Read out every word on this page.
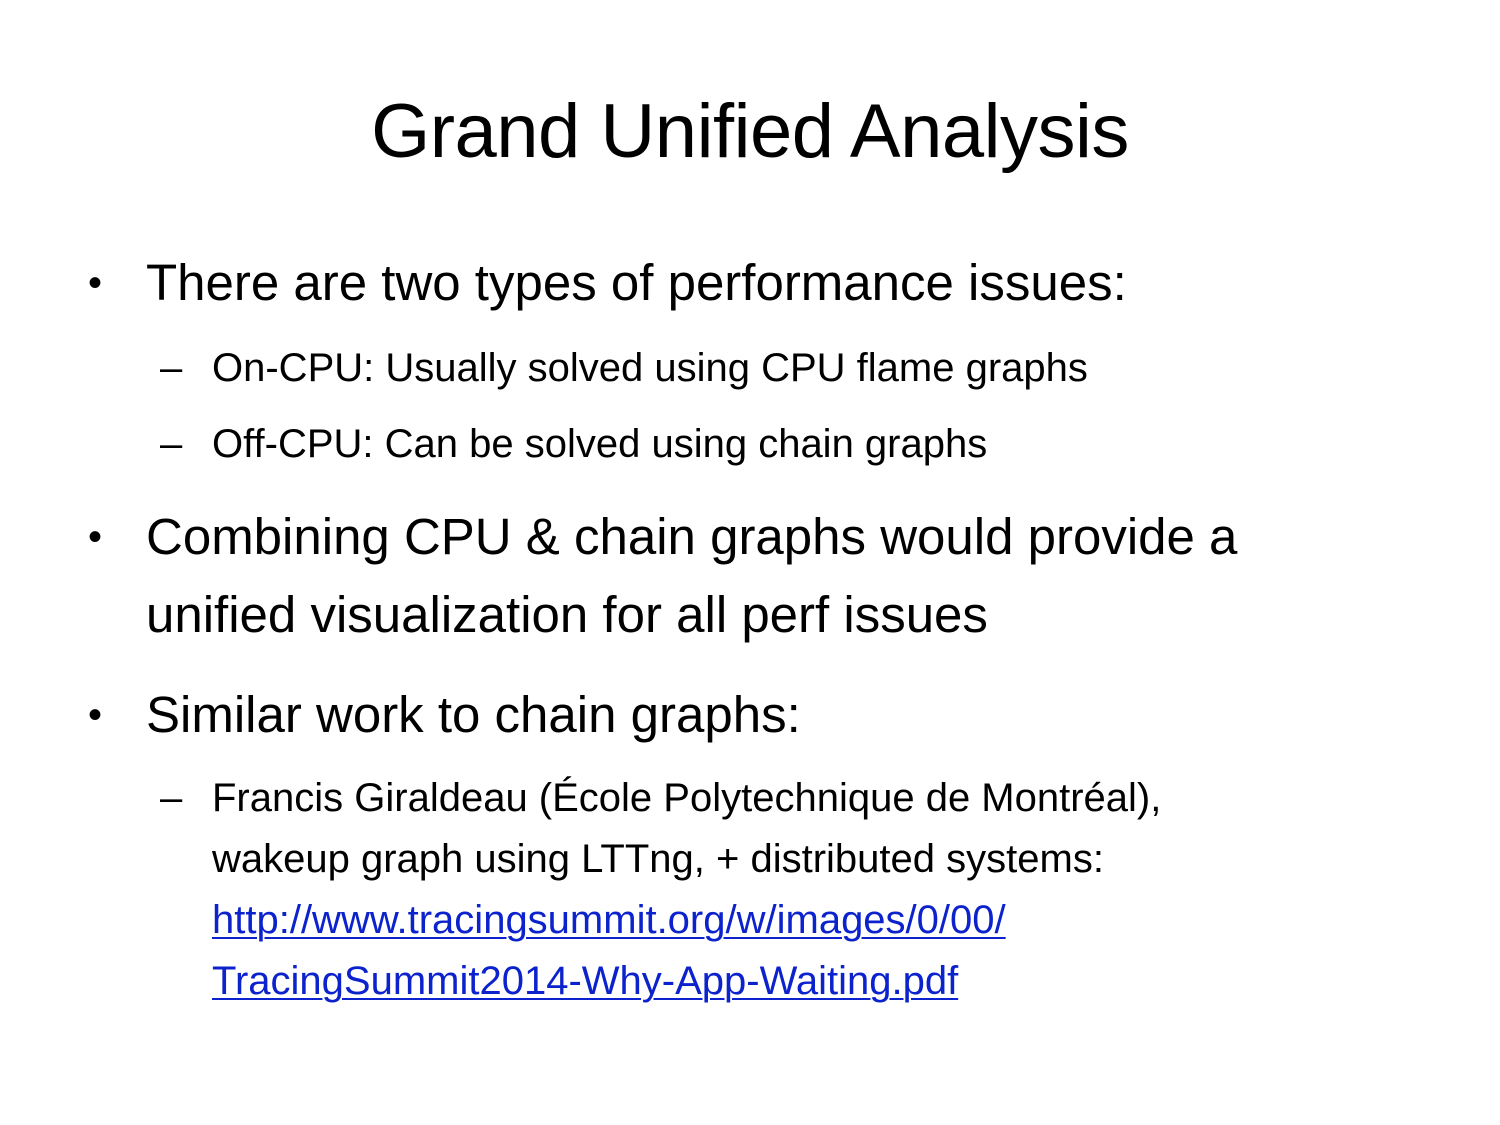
Grand Unified Analysis
• There are two types of performance issues:
– On-CPU: Usually solved using CPU flame graphs
– Off-CPU: Can be solved using chain graphs
• Combining CPU & chain graphs would provide a
unified visualization for all perf issues
• Similar work to chain graphs:
– Francis Giraldeau (École Polytechnique de Montréal),
wakeup graph using LTTng, + distributed systems:
http://www.tracingsummit.org/w/images/0/00/
TracingSummit2014-Why-App-Waiting.pdf
